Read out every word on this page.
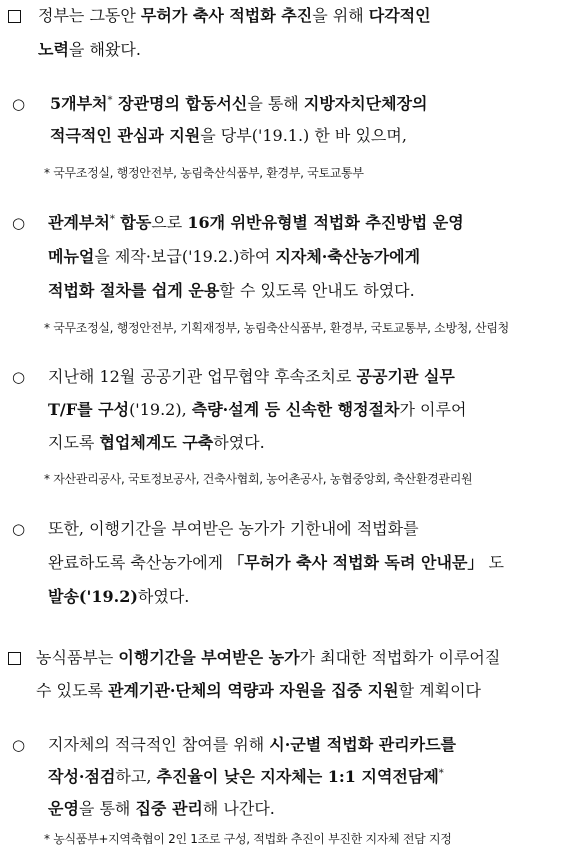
정부는 그동안 무허가 축사 적법화 추진을 위해 다각적인
노력을 해왔다.
○ 5개부처* 장관명의 합동서신을 통해 지방자치단체장의
적극적인 관심과 지원을 당부('19.1.) 한 바 있으며,
* 국무조정실, 행정안전부, 농림축산식품부, 환경부, 국토교통부
○ 관계부처* 합동으로 16개 위반유형별 적법화 추진방법 운영
메뉴얼을 제작·보급('19.2.)하여 지자체·축산농가에게
적법화 절차를 쉽게 운용할 수 있도록 안내도 하였다.
* 국무조정실, 행정안전부, 기획재정부, 농림축산식품부, 환경부, 국토교통부, 소방청, 산림청
○ 지난해 12월 공공기관 업무협약 후속조치로 공공기관 실무
T/F를 구성('19.2), 측량·설계 등 신속한 행정절차가 이루어
지도록 협업체계도 구축하였다.
* 자산관리공사, 국토정보공사, 건축사협회, 농어촌공사, 농협중앙회, 축산환경관리원
○ 또한, 이행기간을 부여받은 농가가 기한내에 적법화를
완료하도록 축산농가에게 「무허가 축사 적법화 독려 안내문」 도
발송('19.2)하였다.
농식품부는 이행기간을 부여받은 농가가 최대한 적법화가 이루어질
수 있도록 관계기관·단체의 역량과 자원을 집중 지원할 계획이다
○ 지자체의 적극적인 참여를 위해 시·군별 적법화 관리카드를
작성·점검하고, 추진율이 낮은 지자체는 1:1 지역전담제*
운영을 통해 집중 관리해 나간다.
* 농식품부+지역축협이 2인 1조로 구성, 적법화 추진이 부진한 지자체 전담 지정
